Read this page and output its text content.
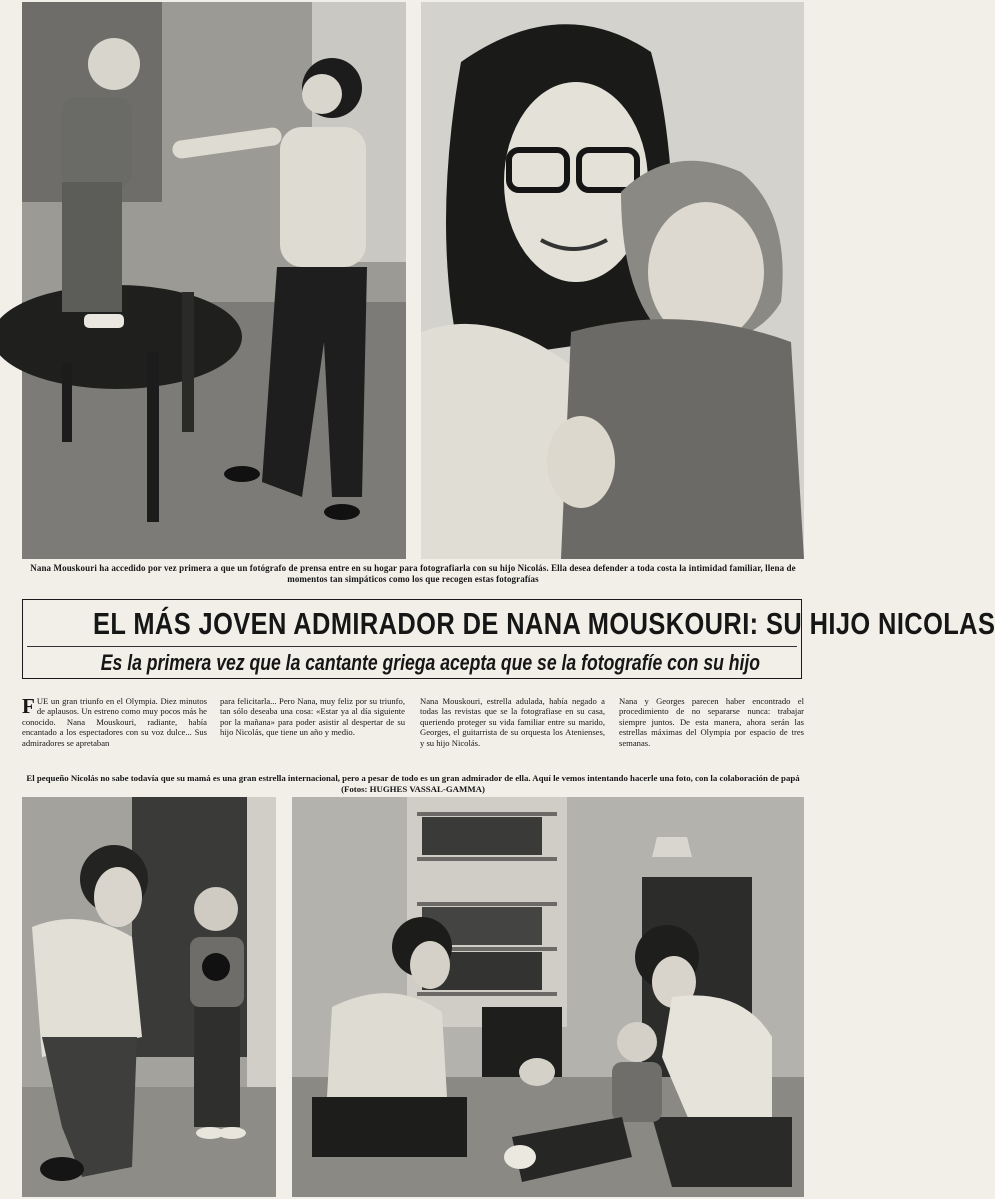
Nana Mouskouri ha accedido por vez primera a que un fotógrafo de prensa entre en su hogar para fotografiarla con su hijo Nicolás. Ella desea defender a toda costa la intimidad familiar, llena de momentos tan simpáticos como los que recogen estas fotografías
EL MÁS JOVEN ADMIRADOR DE NANA MOUSKOURI: SU HIJO NICOLAS
Es la primera vez que la cantante griega acepta que se la fotografíe con su hijo
FUE un gran triunfo en el Olympia. Diez minutos de aplausos. Un estreno como muy pocos más he conocido. Nana Mouskouri, radiante, había encantado a los espectadores con su voz dulce... Sus admiradores se apretaban
para felicitarla... Pero Nana, muy feliz por su triunfo, tan sólo deseaba una cosa: «Estar ya al día siguiente por la mañana» para poder asistir al despertar de su hijo Nicolás, que tiene un año y medio.
Nana Mouskouri, estrella adulada, había negado a todas las revistas que se la fotografiase en su casa, queriendo proteger su vida familiar entre su marido, Georges, el guitarrista de su orquesta los Atenienses, y su hijo Nicolás.
Nana y Georges parecen haber encontrado el procedimiento de no separarse nunca: trabajar siempre juntos. De esta manera, ahora serán las estrellas máximas del Olympia por espacio de tres semanas.
El pequeño Nicolás no sabe todavía que su mamá es una gran estrella internacional, pero a pesar de todo es un gran admirador de ella. Aquí le vemos intentando hacerle una foto, con la colaboración de papá (Fotos: HUGHES VASSAL-GAMMA)
